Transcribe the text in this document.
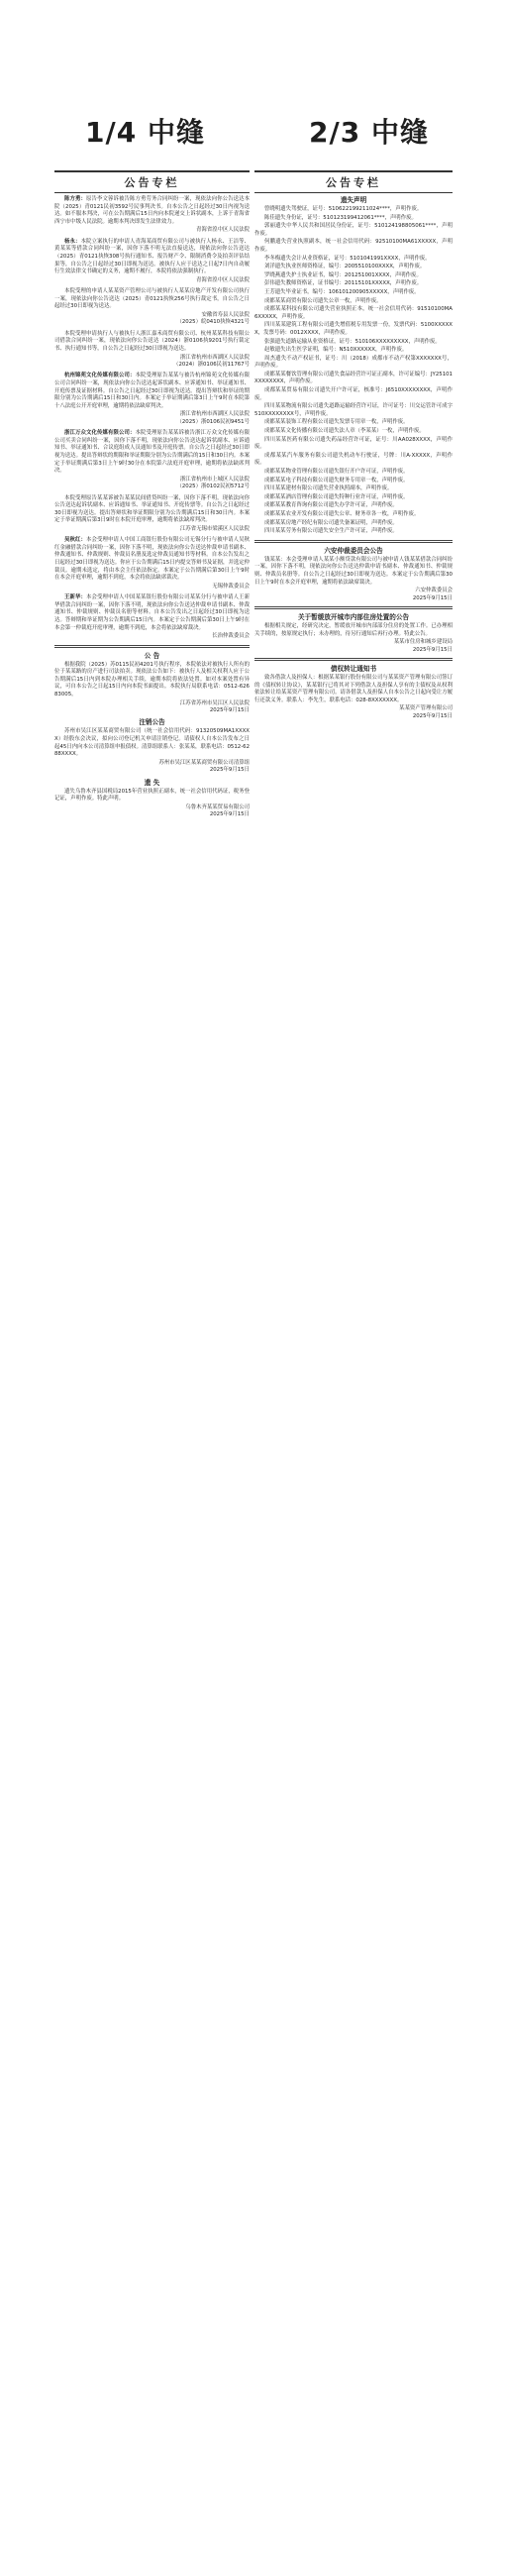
1/4 中缝	2/3 中缝
公告专栏

陈方勇：原告李文蓉诉被告陈方勇劳务合同纠纷一案，现依法向你公告送达本院（2025）青0121民初3592号民事判决书。自本公告之日起经过30日内视为送达。如不服本判决，可在公告期满后15日内向本院递交上诉状副本，上诉于青海省西宁市中级人民法院。逾期本判决即发生法律效力。

青海省湟中区人民法院

杨永：本院立案执行的申请人青海某商贸有限公司与被执行人杨永、王洁等、黄某某等借款合同纠纷一案，因你下落不明无法直接送达，现依法向你公告送达（2025）青0121执恢308号执行通知书、报告财产令、限制消费令及拍卖评估结果等，自公告之日起经过30日即视为送达。被执行人应于送达之日起7日内自动履行生效法律文书确定的义务，逾期不履行，本院将依法强制执行。

青海省湟中区人民法院

本院受理的申请人某某资产管理公司与被执行人某某房地产开发有限公司执行一案，现依法向你公告送达（2025）青0121执恢256号执行裁定书，自公告之日起经过30日即视为送达。

安徽省寿县人民法院
（2025）皖0410执恢4321号

本院受理申请执行人与被执行人浙江嘉禾商贸有限公司、杭州某某科技有限公司借款合同纠纷一案，现依法向你公告送达（2024）浙0106执9201号执行裁定书、执行通知书等，自公告之日起经过30日即视为送达。

浙江省杭州市西湖区人民法院
（2024）浙0106民初11767号

杭州锦苑文化传媒有限公司：本院受理原告某某与被告杭州锦苑文化传媒有限公司合同纠纷一案，现依法向你公告送达起诉状副本、应诉通知书、举证通知书、开庭传票及证据材料。自公告之日起经过30日即视为送达。提出答辩状和举证的期限分别为公告期满后15日和30日内。本案定于举证期满后第3日上午9时在本院第十八法庭公开开庭审理，逾期将依法缺席判决。

浙江省杭州市西湖区人民法院
（2025）浙0106民初9451号

浙江万众文化传媒有限公司：本院受理原告某某诉被告浙江万众文化传媒有限公司买卖合同纠纷一案，因你下落不明，现依法向你公告送达起诉状副本、应诉通知书、举证通知书、合议庭组成人员通知书及开庭传票。自公告之日起经过30日即视为送达。提出答辩状的期限和举证期限分别为公告期满后的15日和30日内。本案定于举证期满后第3日上午9时30分在本院第六法庭开庭审理，逾期将依法缺席判决。

浙江省杭州市上城区人民法院
（2025）浙0102民初5712号

本院受理原告某某诉被告某某民间借贷纠纷一案，因你下落不明，现依法向你公告送达起诉状副本、应诉通知书、举证通知书、开庭传票等。自公告之日起经过30日即视为送达。提出答辩状和举证期限分别为公告期满后15日和30日内。本案定于举证期满后第3日9时在本院开庭审理，逾期将依法缺席判决。

江苏省无锡市梁溪区人民法院

吴秋红：本会受理申请人中国工商银行股份有限公司无锡分行与被申请人吴秋红金融借款合同纠纷一案，因你下落不明，现依法向你公告送达仲裁申请书副本、仲裁通知书、仲裁规则、仲裁员名册及选定仲裁员通知书等材料。自本公告发出之日起经过30日即视为送达。你应于公告期满后15日内提交答辩书及证据，并选定仲裁员。逾期未选定，将由本会主任依法指定。本案定于公告期满后第30日上午9时在本会开庭审理，逾期不到庭，本会将依法缺席裁决。

无锡仲裁委员会

王新华：本会受理申请人中国某某银行股份有限公司某某分行与被申请人王新华借款合同纠纷一案，因你下落不明，现依法向你公告送达仲裁申请书副本、仲裁通知书、仲裁规则、仲裁员名册等材料。自本公告发出之日起经过30日即视为送达。答辩期和举证期为公告期满后15日内。本案定于公告期满后第30日上午9时在本会第一仲裁庭开庭审理，逾期不到庭，本会将依法缺席裁决。

长治仲裁委员会
公 告

根据我院（2025）苏0115民初4201号执行程序，本院依法对被执行人所有的位于某某路的房产进行司法拍卖。现依法公告如下：被执行人及相关权利人应于公告期满后15日内到本院办理相关手续，逾期本院将依法处置。如对本案处置有异议，可自本公告之日起15日内向本院书面提出。本院执行局联系电话：0512-62683005。

江苏省苏州市吴江区人民法院
2025年9月15日
注销公告

苏州市吴江区某某商贸有限公司（统一社会信用代码：91320509MA1XXXXX）经股东会决议，拟向公司登记机关申请注销登记。请债权人自本公告发布之日起45日内向本公司清算组申报债权。清算组联系人：张某某，联系电话：0512-6288XXXX。

苏州市吴江区某某商贸有限公司清算组
2025年9月15日
遗 失

遗失乌鲁木齐县国税局2015年营业执照正副本，统一社会信用代码证，税务登记证，声明作废。特此声明。

乌鲁木齐某某贸易有限公司
2025年9月15日
公告专栏
遗失声明

曾晓明遗失驾驶证，证号：510622199211024****，声明作废。

陈佳遗失身份证，证号：510123199412061****，声明作废。

郭丽遗失中华人民共和国居民身份证，证号：510124198805061****，声明作废。

何鹏遗失营业执照副本，统一社会信用代码：92510100MA61XXXXX，声明作废。

李冬梅遗失会计从业资格证，证号：5101041991XXXX，声明作废。

刘洋遗失执业医师资格证，编号：2005510100XXXX，声明作废。

罗晓燕遗失护士执业证书，编号：201251001XXXX，声明作废。

彭伟遗失教师资格证，证书编号：20115101XXXXX，声明作废。

王芳遗失毕业证书，编号：106101200905XXXXX，声明作废。

成都某某商贸有限公司遗失公章一枚，声明作废。

成都某某科技有限公司遗失营业执照正本，统一社会信用代码：91510100MA6XXXXX，声明作废。

四川某某建筑工程有限公司遗失增值税专用发票一份，发票代码：5100XXXXXX，发票号码：0012XXXX，声明作废。

张强遗失道路运输从业资格证，证号：510106XXXXXXXXX，声明作废。

赵敏遗失出生医学证明，编号：N510XXXXXX，声明作废。

周杰遗失不动产权证书，证号：川（2018）成都市不动产权第XXXXXXX号，声明作废。

成都某某餐饮管理有限公司遗失食品经营许可证正副本，许可证编号：JY25101XXXXXXXX，声明作废。

成都某某贸易有限公司遗失开户许可证，核准号：J6510XXXXXXXX，声明作废。

四川某某物流有限公司遗失道路运输经营许可证，许可证号：川交运管许可成字510XXXXXXXX号，声明作废。

成都某某装饰工程有限公司遗失发票专用章一枚，声明作废。

成都某某文化传播有限公司遗失法人章（李某某）一枚，声明作废。

四川某某医药有限公司遗失药品经营许可证，证号：川AA028XXXX，声明作废。

成都某某汽车服务有限公司遗失机动车行驶证，号牌：川A·XXXXX，声明作废。

成都某某物业管理有限公司遗失银行开户许可证，声明作废。

成都某某电子科技有限公司遗失财务专用章一枚，声明作废。

四川某某建材有限公司遗失营业执照副本，声明作废。

成都某某酒店管理有限公司遗失特种行业许可证，声明作废。

成都某某教育咨询有限公司遗失办学许可证，声明作废。

成都某某农业开发有限公司遗失公章、财务章各一枚，声明作废。

成都某某房地产经纪有限公司遗失备案证明，声明作废。

四川某某劳务有限公司遗失安全生产许可证，声明作废。

六安仲裁委员会公告

钱某某：本会受理申请人某某小额贷款有限公司与被申请人钱某某借款合同纠纷一案，因你下落不明，现依法向你公告送达仲裁申请书副本、仲裁通知书、仲裁规则、仲裁员名册等。自公告之日起经过30日即视为送达。本案定于公告期满后第30日上午9时在本会开庭审理，逾期将依法缺席裁决。

六安仲裁委员会
2025年9月15日
关于暂缓放开城市内部住房处置的公告

根据相关规定，经研究决定，暂缓放开城市内部部分住房的处置工作。已办理相关手续的，按原规定执行；未办理的，待另行通知后再行办理。特此公告。

某某市住房和城乡建设局
2025年9月15日
债权转让通知书

致各借款人及担保人：根据某某银行股份有限公司与某某资产管理有限公司签订的《债权转让协议》，某某银行已将其对下列借款人及担保人享有的主债权及从权利依法转让给某某资产管理有限公司。请各借款人及担保人自本公告之日起向受让方履行还款义务。联系人：李先生，联系电话：028-8XXXXXXX。

某某资产管理有限公司
2025年9月15日
